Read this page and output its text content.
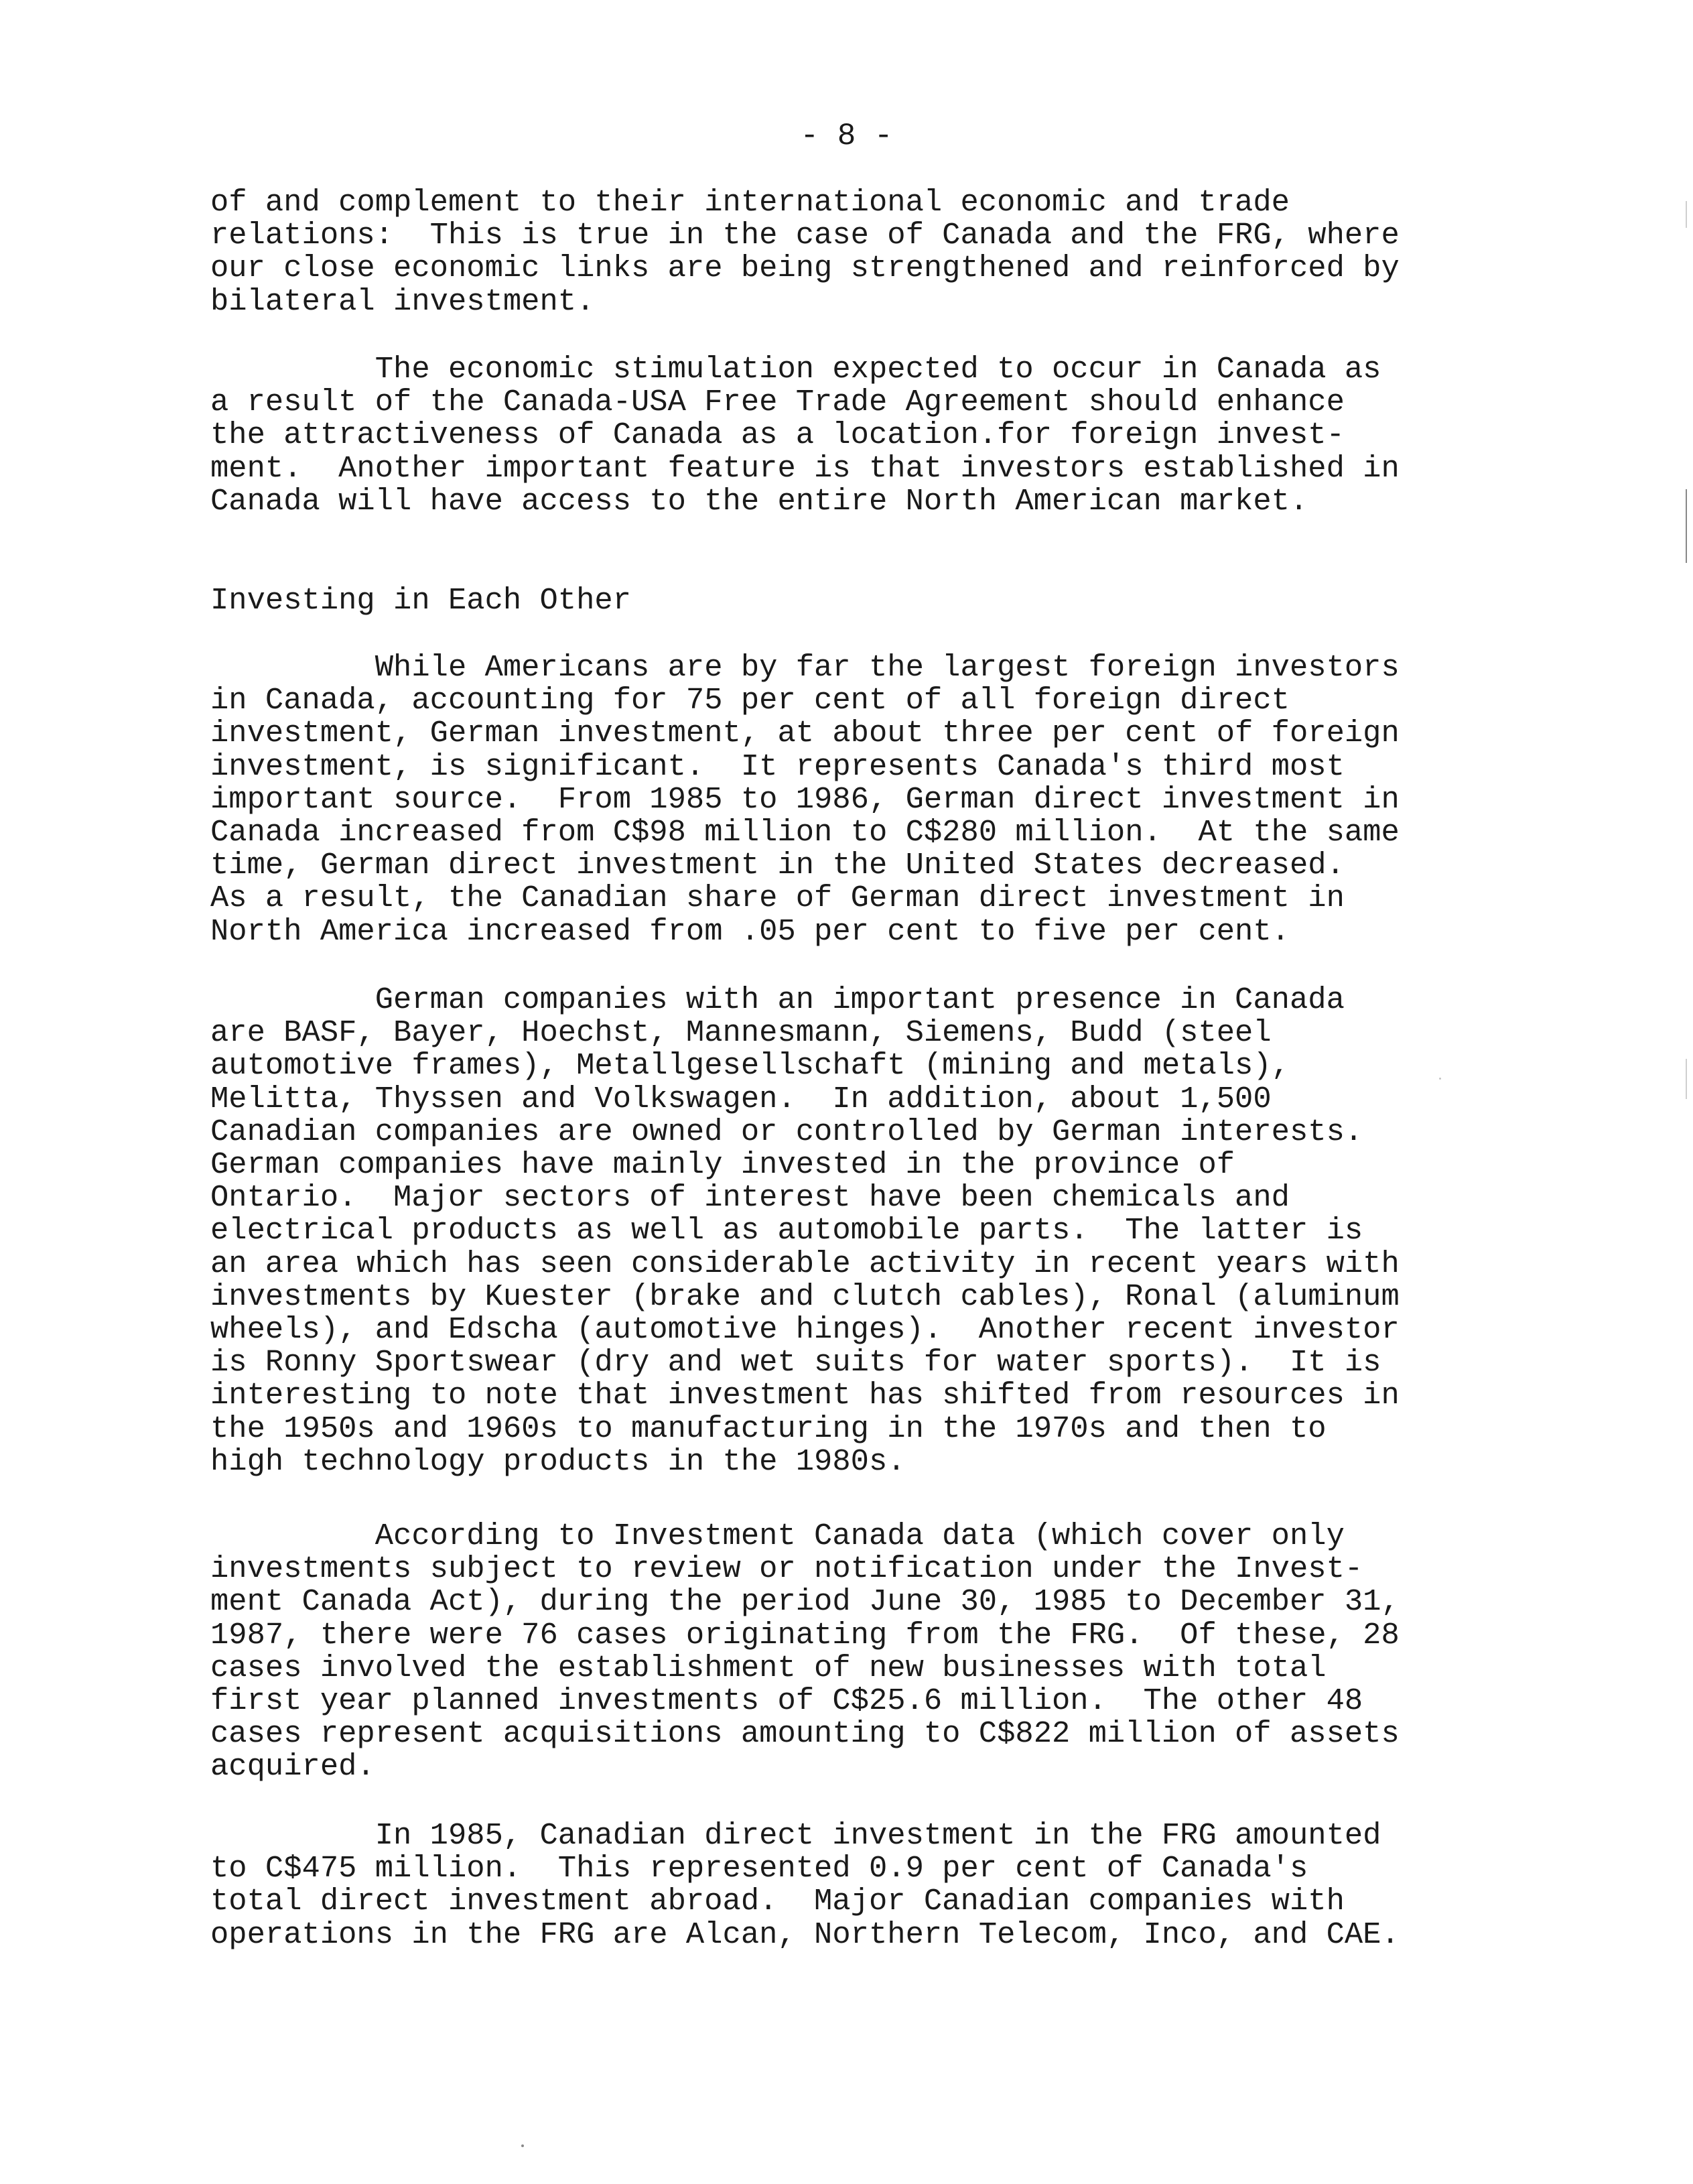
- 8 -

of and complement to their international economic and trade
relations:  This is true in the case of Canada and the FRG, where
our close economic links are being strengthened and reinforced by
bilateral investment.

The economic stimulation expected to occur in Canada as
a result of the Canada-USA Free Trade Agreement should enhance
the attractiveness of Canada as a location.for foreign invest-
ment.  Another important feature is that investors established in
Canada will have access to the entire North American market.

Investing in Each Other

While Americans are by far the largest foreign investors
in Canada, accounting for 75 per cent of all foreign direct
investment, German investment, at about three per cent of foreign
investment, is significant.  It represents Canada's third most
important source.  From 1985 to 1986, German direct investment in
Canada increased from C$98 million to C$280 million.  At the same
time, German direct investment in the United States decreased.
As a result, the Canadian share of German direct investment in
North America increased from .05 per cent to five per cent.

German companies with an important presence in Canada
are BASF, Bayer, Hoechst, Mannesmann, Siemens, Budd (steel
automotive frames), Metallgesellschaft (mining and metals),
Melitta, Thyssen and Volkswagen.  In addition, about 1,500
Canadian companies are owned or controlled by German interests.
German companies have mainly invested in the province of
Ontario.  Major sectors of interest have been chemicals and
electrical products as well as automobile parts.  The latter is
an area which has seen considerable activity in recent years with
investments by Kuester (brake and clutch cables), Ronal (aluminum
wheels), and Edscha (automotive hinges).  Another recent investor
is Ronny Sportswear (dry and wet suits for water sports).  It is
interesting to note that investment has shifted from resources in
the 1950s and 1960s to manufacturing in the 1970s and then to
high technology products in the 1980s.

According to Investment Canada data (which cover only
investments subject to review or notification under the Invest-
ment Canada Act), during the period June 30, 1985 to December 31,
1987, there were 76 cases originating from the FRG.  Of these, 28
cases involved the establishment of new businesses with total
first year planned investments of C$25.6 million.  The other 48
cases represent acquisitions amounting to C$822 million of assets
acquired.

In 1985, Canadian direct investment in the FRG amounted
to C$475 million.  This represented 0.9 per cent of Canada's
total direct investment abroad.  Major Canadian companies with
operations in the FRG are Alcan, Northern Telecom, Inco, and CAE.
